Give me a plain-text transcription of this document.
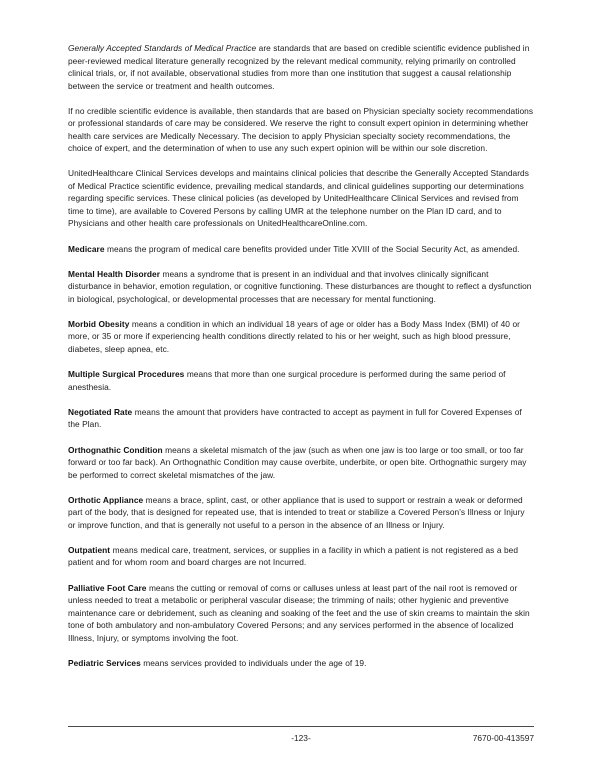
Generally Accepted Standards of Medical Practice are standards that are based on credible scientific evidence published in peer-reviewed medical literature generally recognized by the relevant medical community, relying primarily on controlled clinical trials, or, if not available, observational studies from more than one institution that suggest a causal relationship between the service or treatment and health outcomes.

If no credible scientific evidence is available, then standards that are based on Physician specialty society recommendations or professional standards of care may be considered. We reserve the right to consult expert opinion in determining whether health care services are Medically Necessary. The decision to apply Physician specialty society recommendations, the choice of expert, and the determination of when to use any such expert opinion will be within our sole discretion.

UnitedHealthcare Clinical Services develops and maintains clinical policies that describe the Generally Accepted Standards of Medical Practice scientific evidence, prevailing medical standards, and clinical guidelines supporting our determinations regarding specific services. These clinical policies (as developed by UnitedHealthcare Clinical Services and revised from time to time), are available to Covered Persons by calling UMR at the telephone number on the Plan ID card, and to Physicians and other health care professionals on UnitedHealthcareOnline.com.

Medicare means the program of medical care benefits provided under Title XVIII of the Social Security Act, as amended.

Mental Health Disorder means a syndrome that is present in an individual and that involves clinically significant disturbance in behavior, emotion regulation, or cognitive functioning. These disturbances are thought to reflect a dysfunction in biological, psychological, or developmental processes that are necessary for mental functioning.

Morbid Obesity means a condition in which an individual 18 years of age or older has a Body Mass Index (BMI) of 40 or more, or 35 or more if experiencing health conditions directly related to his or her weight, such as high blood pressure, diabetes, sleep apnea, etc.

Multiple Surgical Procedures means that more than one surgical procedure is performed during the same period of anesthesia.

Negotiated Rate means the amount that providers have contracted to accept as payment in full for Covered Expenses of the Plan.

Orthognathic Condition means a skeletal mismatch of the jaw (such as when one jaw is too large or too small, or too far forward or too far back). An Orthognathic Condition may cause overbite, underbite, or open bite. Orthognathic surgery may be performed to correct skeletal mismatches of the jaw.

Orthotic Appliance means a brace, splint, cast, or other appliance that is used to support or restrain a weak or deformed part of the body, that is designed for repeated use, that is intended to treat or stabilize a Covered Person's Illness or Injury or improve function, and that is generally not useful to a person in the absence of an Illness or Injury.

Outpatient means medical care, treatment, services, or supplies in a facility in which a patient is not registered as a bed patient and for whom room and board charges are not Incurred.

Palliative Foot Care means the cutting or removal of corns or calluses unless at least part of the nail root is removed or unless needed to treat a metabolic or peripheral vascular disease; the trimming of nails; other hygienic and preventive maintenance care or debridement, such as cleaning and soaking of the feet and the use of skin creams to maintain the skin tone of both ambulatory and non-ambulatory Covered Persons; and any services performed in the absence of localized Illness, Injury, or symptoms involving the foot.

Pediatric Services means services provided to individuals under the age of 19.

-123-	7670-00-413597
